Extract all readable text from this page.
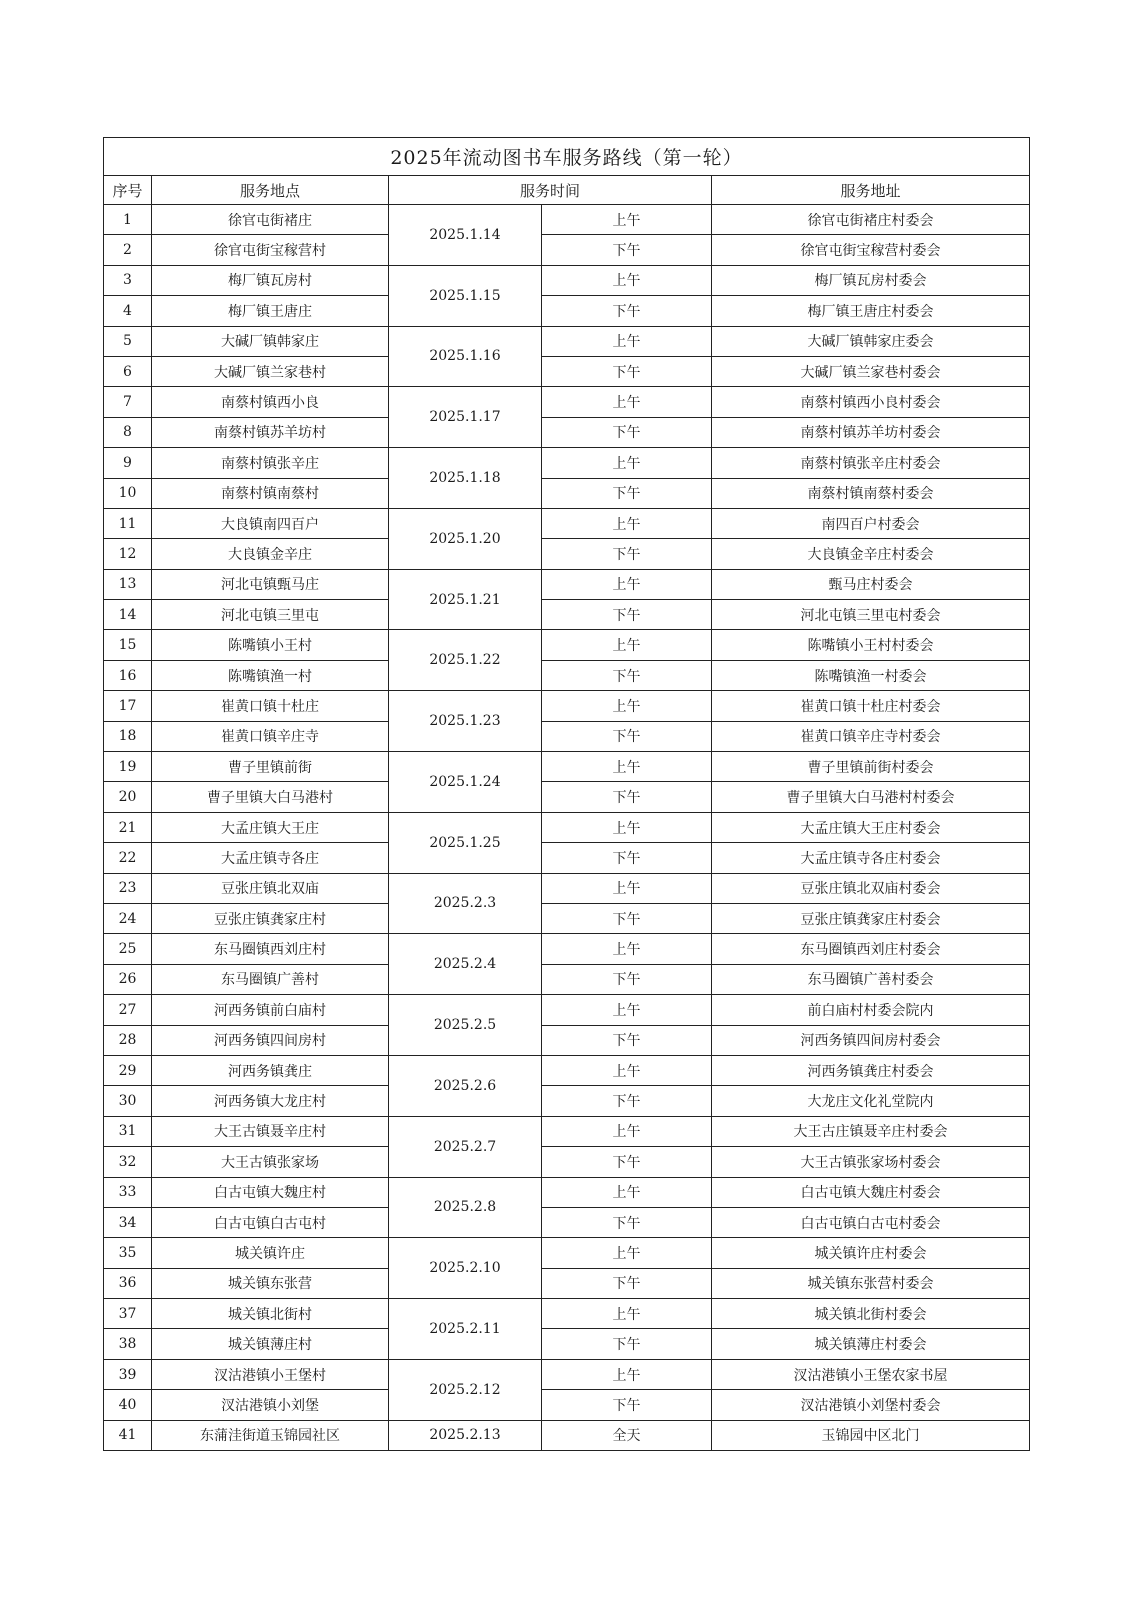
2025年流动图书车服务路线（第一轮）				
序号	服务地点	服务时间		服务地址
1	徐官屯街褚庄	2025.1.14	上午	徐官屯街褚庄村委会
2	徐官屯街宝稼营村		下午	徐官屯街宝稼营村委会
3	梅厂镇瓦房村	2025.1.15	上午	梅厂镇瓦房村委会
4	梅厂镇王唐庄		下午	梅厂镇王唐庄村委会
5	大碱厂镇韩家庄	2025.1.16	上午	大碱厂镇韩家庄委会
6	大碱厂镇兰家巷村		下午	大碱厂镇兰家巷村委会
7	南蔡村镇西小良	2025.1.17	上午	南蔡村镇西小良村委会
8	南蔡村镇苏羊坊村		下午	南蔡村镇苏羊坊村委会
9	南蔡村镇张辛庄	2025.1.18	上午	南蔡村镇张辛庄村委会
10	南蔡村镇南蔡村		下午	南蔡村镇南蔡村委会
11	大良镇南四百户	2025.1.20	上午	南四百户村委会
12	大良镇金辛庄		下午	大良镇金辛庄村委会
13	河北屯镇甄马庄	2025.1.21	上午	甄马庄村委会
14	河北屯镇三里屯		下午	河北屯镇三里屯村委会
15	陈嘴镇小王村	2025.1.22	上午	陈嘴镇小王村村委会
16	陈嘴镇渔一村		下午	陈嘴镇渔一村委会
17	崔黄口镇十杜庄	2025.1.23	上午	崔黄口镇十杜庄村委会
18	崔黄口镇辛庄寺		下午	崔黄口镇辛庄寺村委会
19	曹子里镇前街	2025.1.24	上午	曹子里镇前街村委会
20	曹子里镇大白马港村		下午	曹子里镇大白马港村村委会
21	大孟庄镇大王庄	2025.1.25	上午	大孟庄镇大王庄村委会
22	大孟庄镇寺各庄		下午	大孟庄镇寺各庄村委会
23	豆张庄镇北双庙	2025.2.3	上午	豆张庄镇北双庙村委会
24	豆张庄镇龚家庄村		下午	豆张庄镇龚家庄村委会
25	东马圈镇西刘庄村	2025.2.4	上午	东马圈镇西刘庄村委会
26	东马圈镇广善村		下午	东马圈镇广善村委会
27	河西务镇前白庙村	2025.2.5	上午	前白庙村村委会院内
28	河西务镇四间房村		下午	河西务镇四间房村委会
29	河西务镇龚庄	2025.2.6	上午	河西务镇龚庄村委会
30	河西务镇大龙庄村		下午	大龙庄文化礼堂院内
31	大王古镇聂辛庄村	2025.2.7	上午	大王古庄镇聂辛庄村委会
32	大王古镇张家场		下午	大王古镇张家场村委会
33	白古屯镇大魏庄村	2025.2.8	上午	白古屯镇大魏庄村委会
34	白古屯镇白古屯村		下午	白古屯镇白古屯村委会
35	城关镇许庄	2025.2.10	上午	城关镇许庄村委会
36	城关镇东张营		下午	城关镇东张营村委会
37	城关镇北街村	2025.2.11	上午	城关镇北街村委会
38	城关镇薄庄村		下午	城关镇薄庄村委会
39	汊沽港镇小王堡村	2025.2.12	上午	汊沽港镇小王堡农家书屋
40	汊沽港镇小刘堡		下午	汊沽港镇小刘堡村委会
41	东蒲洼街道玉锦园社区	2025.2.13	全天	玉锦园中区北门
